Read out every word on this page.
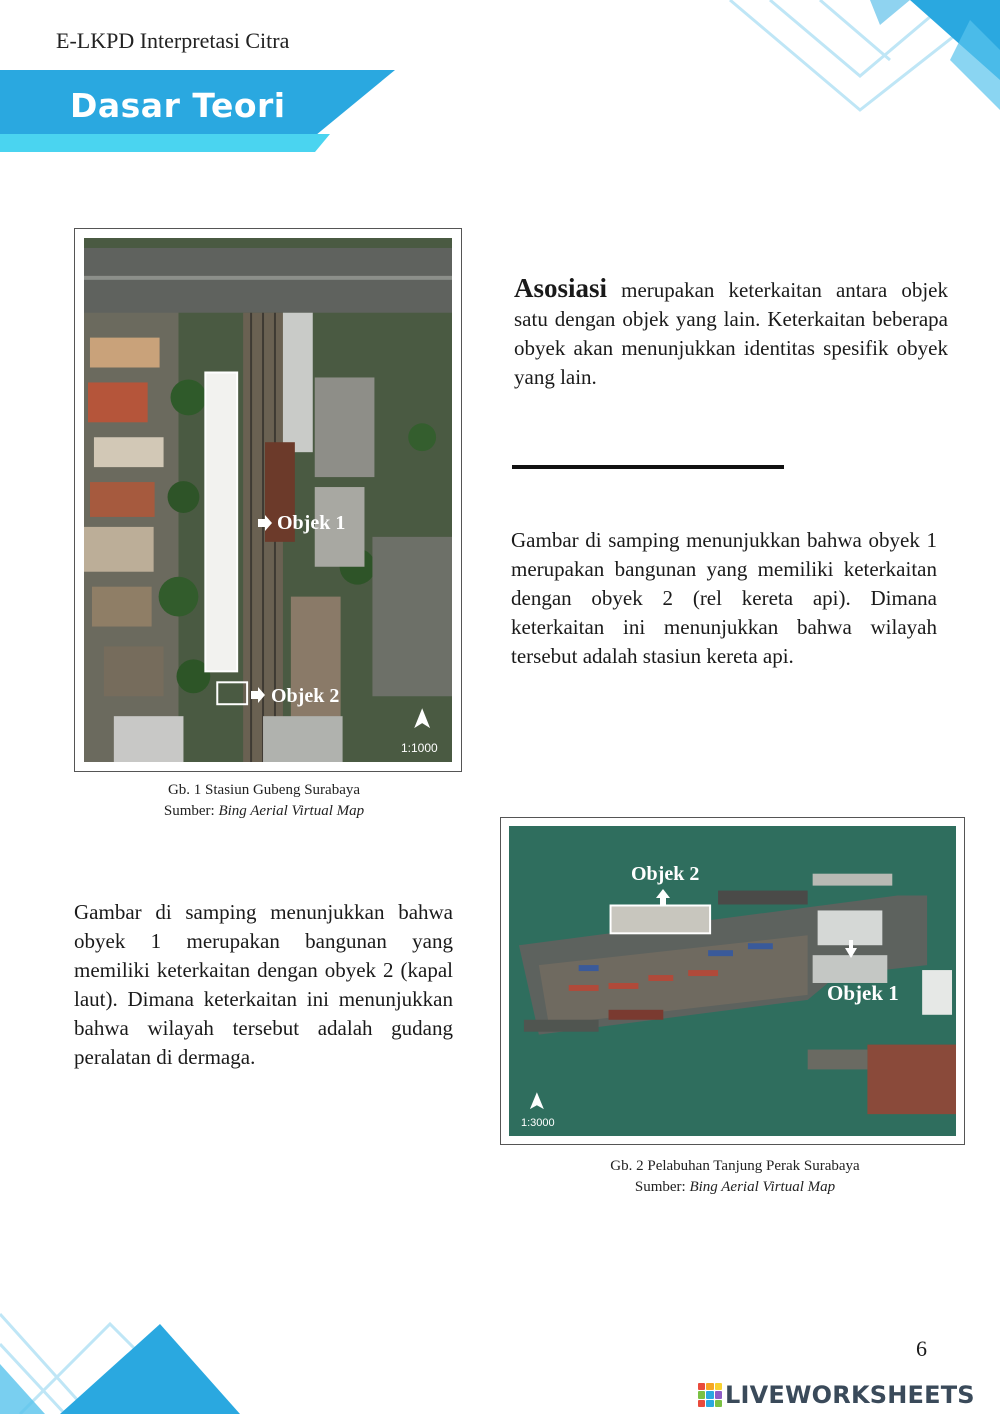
Dasar Teori
E-LKPD Interpretasi Citra
Objek 1
Objek 2
1:1000
Gb. 1 Stasiun Gubeng Surabaya
Sumber: Bing Aerial Virtual Map
Asosiasi merupakan keterkaitan antara objek satu dengan objek yang lain. Keterkaitan beberapa obyek akan menunjukkan identitas spesifik obyek yang lain.
Gambar di samping menunjukkan bahwa obyek 1 merupakan bangunan yang memiliki keterkaitan dengan obyek 2 (rel kereta api). Dimana keterkaitan ini menunjukkan bahwa wilayah tersebut adalah stasiun kereta api.
Gambar di samping menunjukkan bahwa obyek 1 merupakan bangunan yang memiliki keterkaitan dengan obyek 2 (kapal laut). Dimana keterkaitan ini menunjukkan bahwa wilayah tersebut adalah gudang peralatan di dermaga.
Objek 2
Objek 1
1:3000
Gb. 2 Pelabuhan Tanjung Perak Surabaya
Sumber: Bing Aerial Virtual Map
6
LIVEWORKSHEETS
